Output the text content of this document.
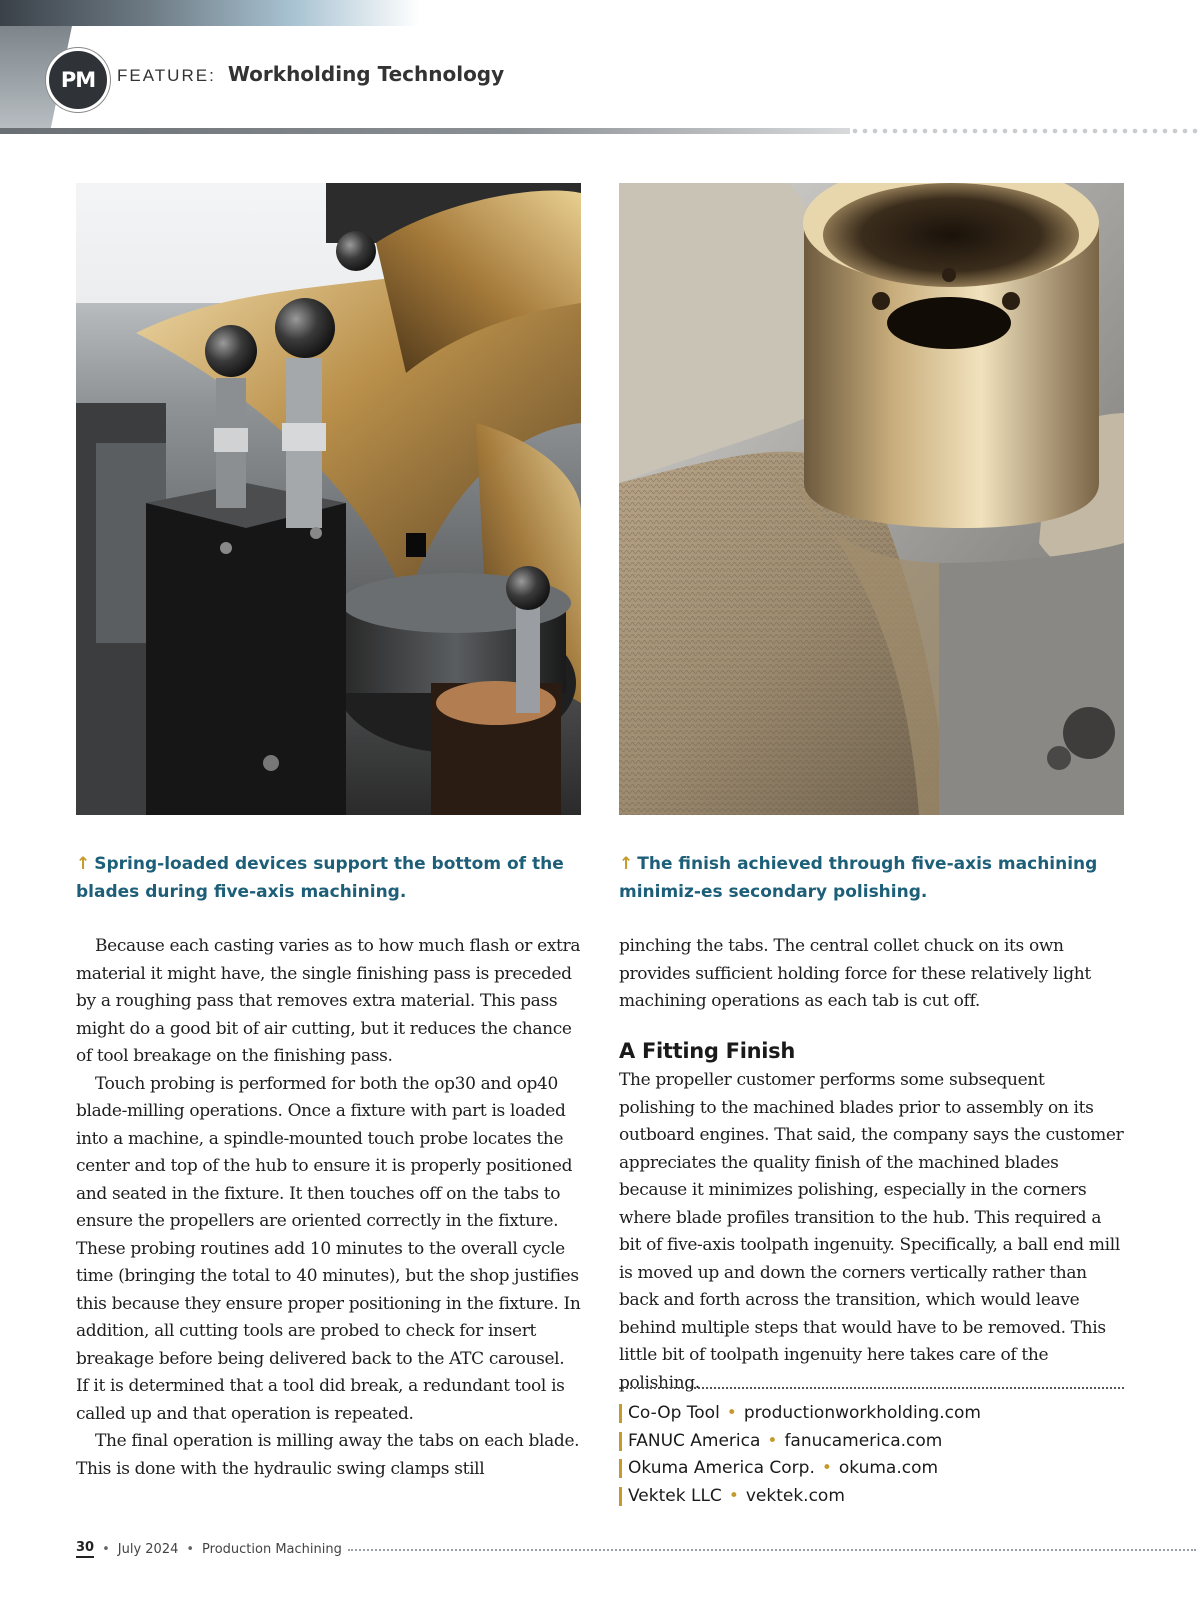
PM FEATURE: Workholding Technology
↑ Spring-loaded devices support the bottom of the blades during five-axis machining.
↑ The finish achieved through five-axis machining minimiz-es secondary polishing.

Because each casting varies as to how much flash or extra material it might have, the single finishing pass is preceded by a roughing pass that removes extra material. This pass might do a good bit of air cutting, but it reduces the chance of tool breakage on the finishing pass.

Touch probing is performed for both the op30 and op40 blade-milling operations. Once a fixture with part is loaded into a machine, a spindle-mounted touch probe locates the center and top of the hub to ensure it is properly positioned and seated in the fixture. It then touches off on the tabs to ensure the propellers are oriented correctly in the fixture. These probing routines add 10 minutes to the overall cycle time (bringing the total to 40 minutes), but the shop justifies this because they ensure proper positioning in the fixture. In addition, all cutting tools are probed to check for insert breakage before being delivered back to the ATC carousel. If it is determined that a tool did break, a redundant tool is called up and that operation is repeated.

The final operation is milling away the tabs on each blade. This is done with the hydraulic swing clamps still

pinching the tabs. The central collet chuck on its own provides sufficient holding force for these relatively light machining operations as each tab is cut off.

A Fitting Finish

The propeller customer performs some subsequent polishing to the machined blades prior to assembly on its outboard engines. That said, the company says the customer appreciates the quality finish of the machined blades because it minimizes polishing, especially in the corners where blade profiles transition to the hub. This required a bit of five-axis toolpath ingenuity. Specifically, a ball end mill is moved up and down the corners vertically rather than back and forth across the transition, which would leave behind multiple steps that would have to be removed. This little bit of toolpath ingenuity here takes care of the polishing.

Co-Op Tool • productionworkholding.com
FANUC America • fanucamerica.com
Okuma America Corp. • okuma.com
Vektek LLC • vektek.com
30 • July 2024 • Production Machining
